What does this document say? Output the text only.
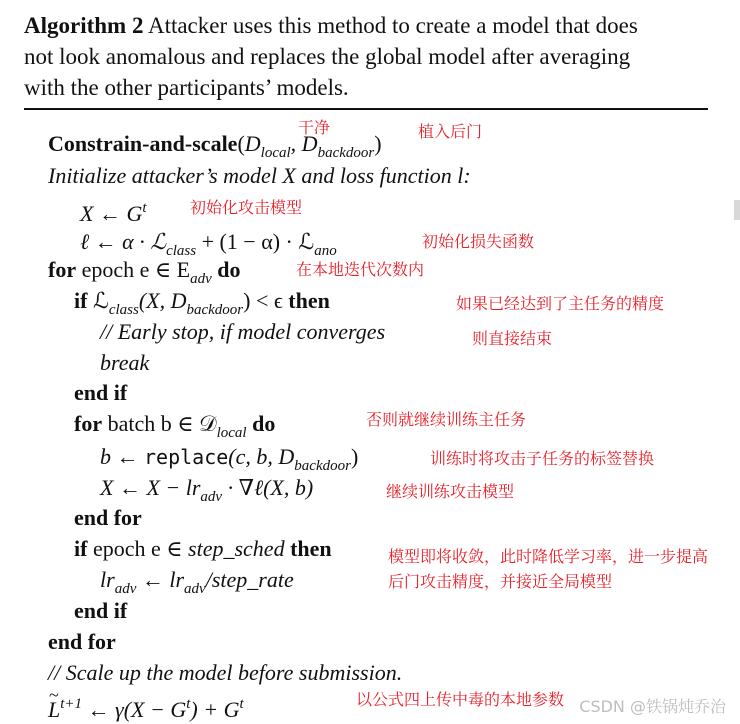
Algorithm 2 Attacker uses this method to create a model that does
not look anomalous and replaces the global model after averaging
with the other participants’ models.
Constrain-$and-scale(D_{local}$, $D_{backdoor}$)
Initialize attacker’s model X and loss function l:
X ← $G^t$
ℓ ← α · ℒ$_{class}$ + (1 − α) · ℒ$_{ano}$
for epoch e ∈ $E_{adv}$ do
if ℒ$_{class}$(X, $D_{backdoor}) < \epsilon$ then
// Early stop, if model converges
break
end if
for batch b ∈ 𝒟$_{local}$ do
b ← replace(c, b, $D_{backdoor}$)
X ← $X - lr_{adv}$ · ∇ℓ(X, b)
end for
if epoch e ∈ step_sched then
$lr_{adv}$ ← $lr_{adv}/step\_rate$
end if
end for
// Scale up the model before submission.
~ $L^{t+1}$ ← $\gamma(X - G^t) + G^t$
干净	植入后门
初始化攻击模型
初始化损失函数
在本地迭代次数内
如果已经达到了主任务的精度
则直接结束
否则就继续训练主任务
训练时将攻击子任务的标签替换
继续训练攻击模型
模型即将收敛，此时降低学习率，进一步提高
后门攻击精度，并接近全局模型
以公式四上传中毒的本地参数 CSDN @铁锅炖乔治
